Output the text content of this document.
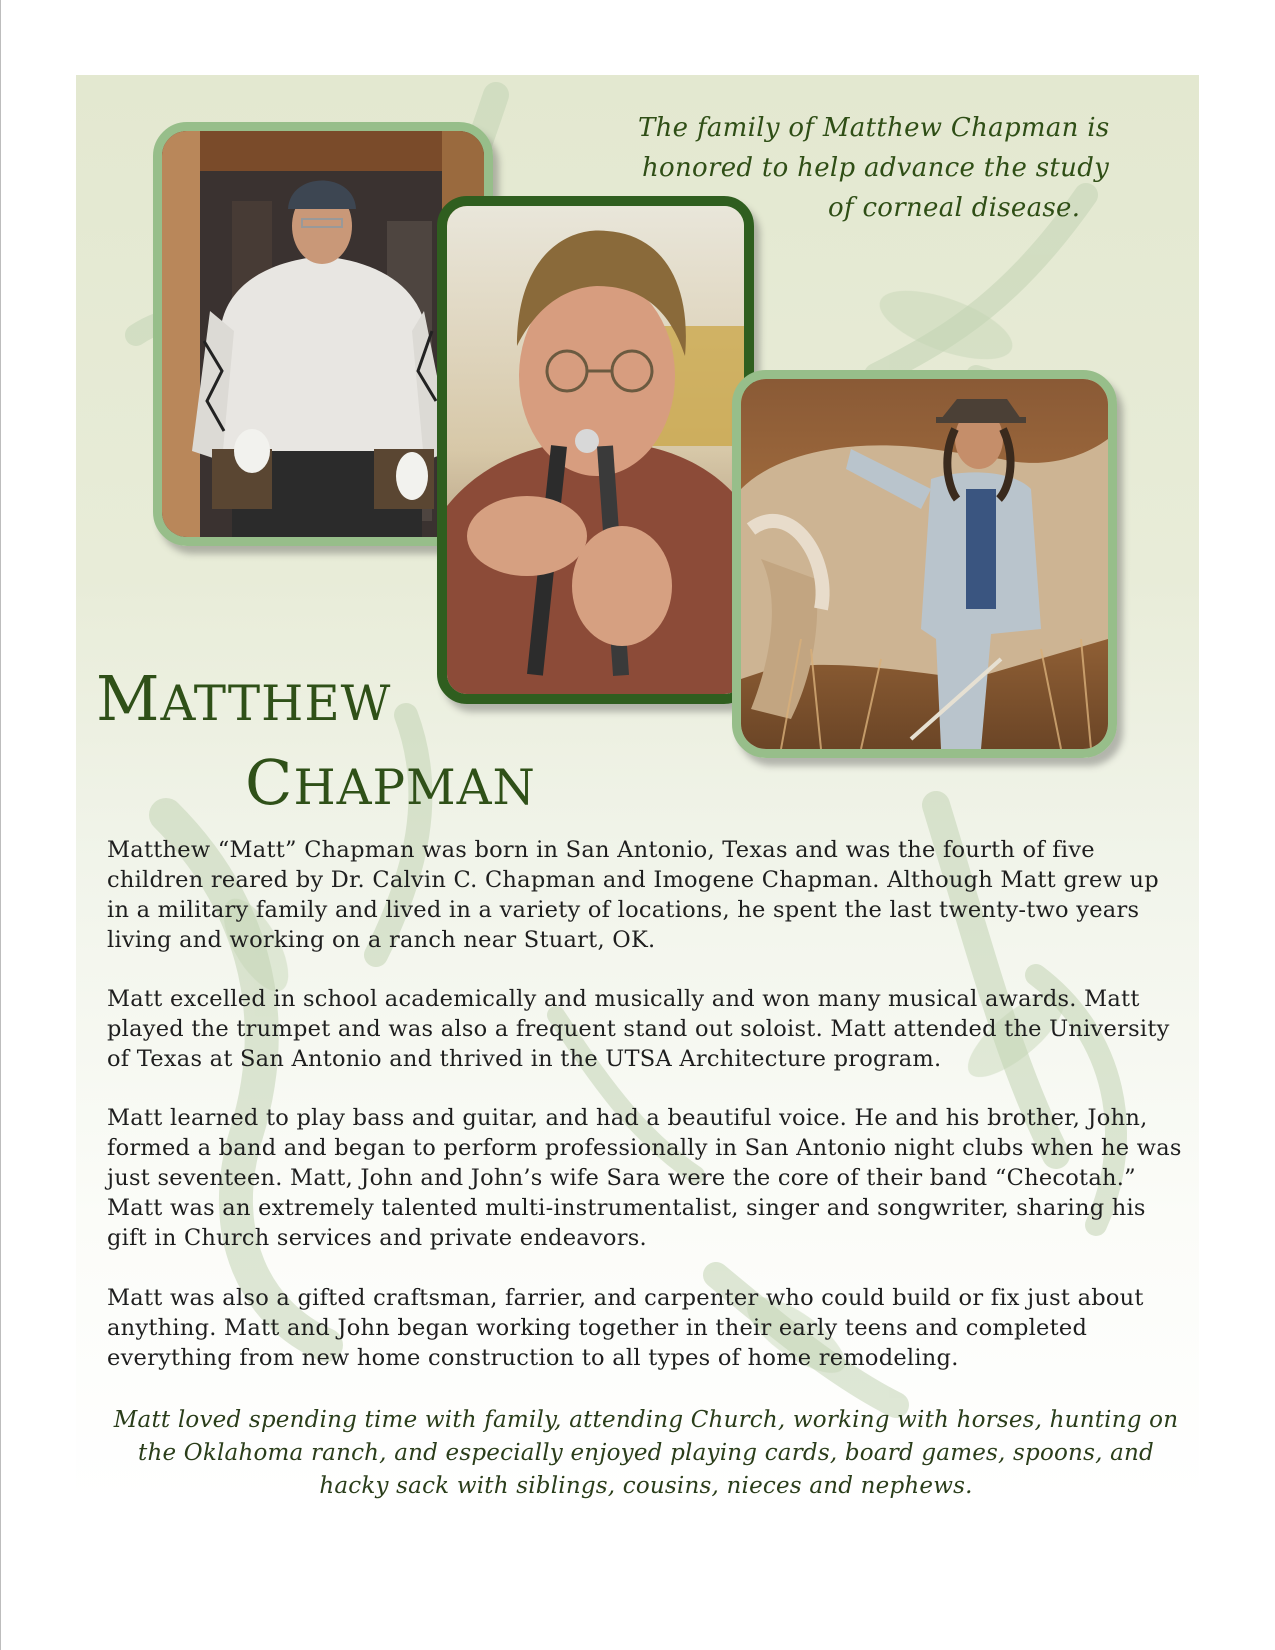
The family of Matthew Chapman is
honored to help advance the study
of corneal disease.
MATTHEW
CHAPMAN
Matthew “Matt” Chapman was born in San Antonio, Texas and was the fourth of five children reared by Dr. Calvin C. Chapman and Imogene Chapman. Although Matt grew up in a military family and lived in a variety of locations, he spent the last twenty-two years living and working on a ranch near Stuart, OK.
Matt excelled in school academically and musically and won many musical awards. Matt played the trumpet and was also a frequent stand out soloist. Matt attended the University of Texas at San Antonio and thrived in the UTSA Architecture program.
Matt learned to play bass and guitar, and had a beautiful voice. He and his brother, John, formed a band and began to perform professionally in San Antonio night clubs when he was just seventeen. Matt, John and John’s wife Sara were the core of their band “Checotah.” Matt was an extremely talented multi-instrumentalist, singer and songwriter, sharing his gift in Church services and private endeavors.
Matt was also a gifted craftsman, farrier, and carpenter who could build or fix just about anything. Matt and John began working together in their early teens and completed everything from new home construction to all types of home remodeling.
Matt loved spending time with family, attending Church, working with horses, hunting on the Oklahoma ranch, and especially enjoyed playing cards, board games, spoons, and hacky sack with siblings, cousins, nieces and nephews.
